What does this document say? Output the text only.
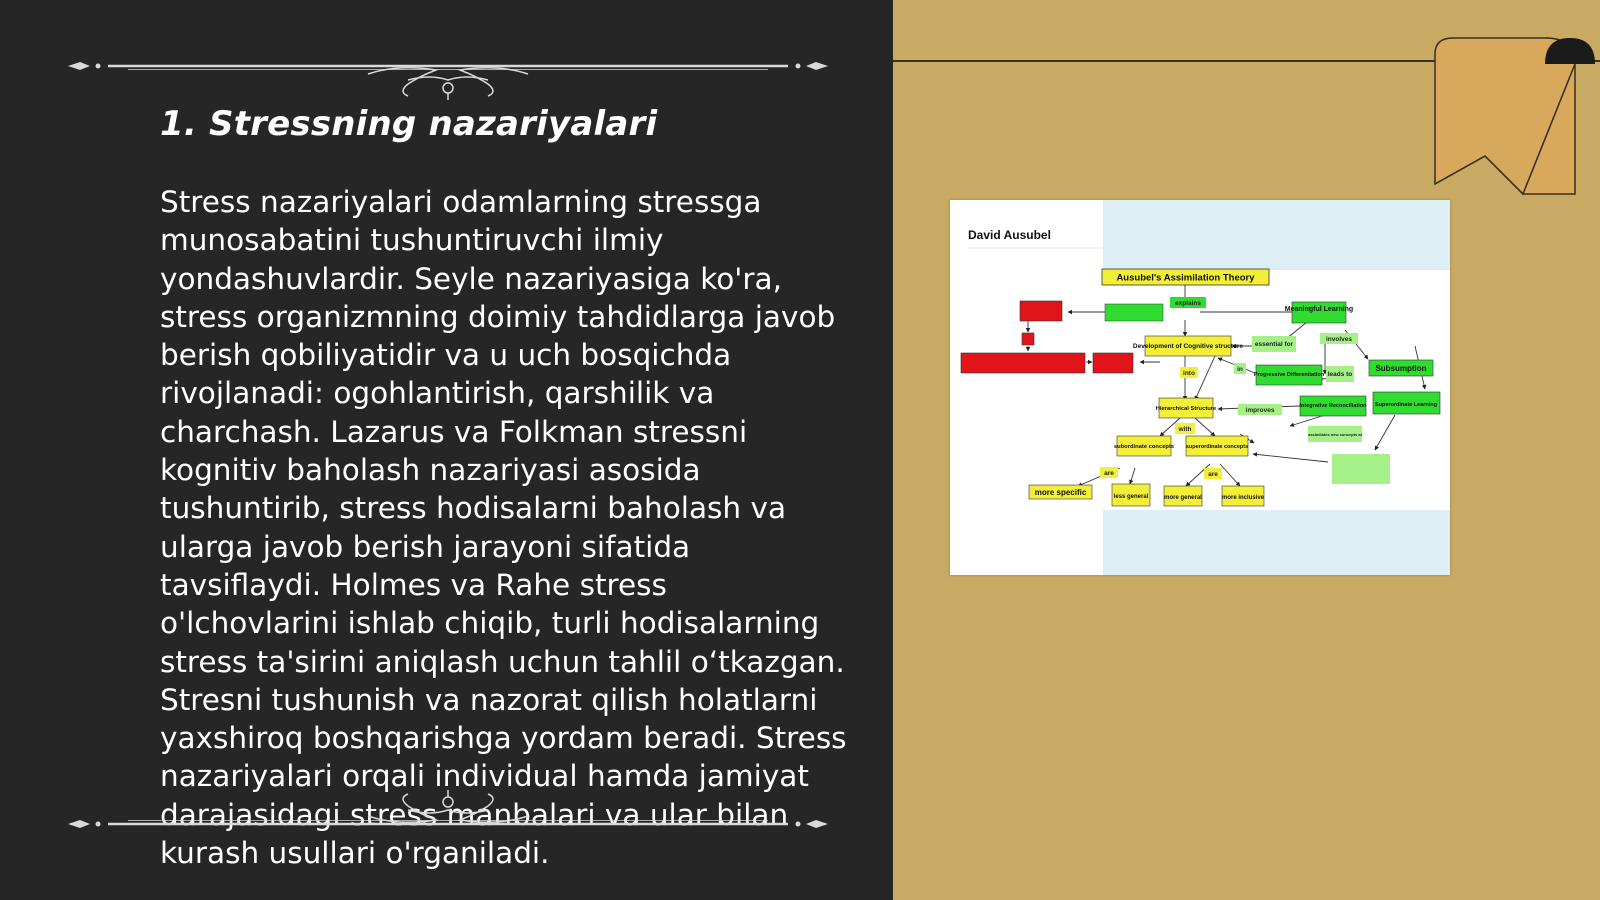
1. Stressning nazariyalari

Stress nazariyalari odamlarning stressga munosabatini tushuntiruvchi ilmiy yondashuvlardir. Seyle nazariyasiga ko'ra, stress organizmning doimiy tahdidlarga javob berish qobiliyatidir va u uch bosqichda rivojlanadi: ogohlantirish, qarshilik va charchash. Lazarus va Folkman stressni kognitiv baholash nazariyasi asosida tushuntirib, stress hodisalarni baholash va ularga javob berish jarayoni sifatida tavsiflaydi. Holmes va Rahe stress o'lchovlarini ishlab chiqib, turli hodisalarning stress ta'sirini aniqlash uchun tahlil o‘tkazgan. Stresni tushunish va nazorat qilish holatlarni yaxshiroq boshqarishga yordam beradi. Stress nazariyalari orqali individual hamda jamiyat darajasidagi stress manbalari va ular bilan kurash usullari o'rganiladi.

David Ausubel
Ausubel's Assimilation Theory
explains
Meaningful Learning
Development of Cognitive structure essential for
involves
into
in
Progressive Differentiation leads to
Subsumption
Integrative Reconciliation Superordinate Learning
Hierarchical Structure	improves
with
subordinate concepts superordinate concepts
assimilates new concepts at
are	are
more specific	less general	more general	more inclusive
